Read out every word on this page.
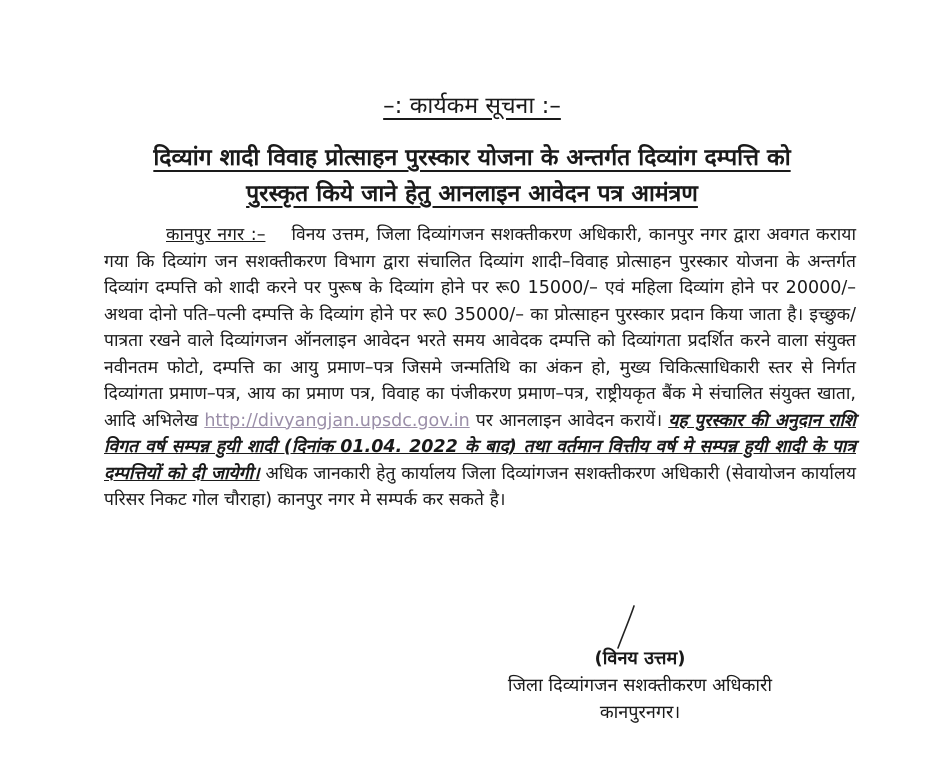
–: कार्यकम सूचना :–
दिव्यांग शादी विवाह प्रोत्साहन पुरस्कार योजना के अन्तर्गत दिव्यांग दम्पत्ति को
पुरस्कृत किये जाने हेतु आनलाइन आवेदन पत्र आमंत्रण
कानपुर नगर :– विनय उत्तम, जिला दिव्यांगजन सशक्तीकरण अधिकारी, कानपुर नगर द्वारा अवगत कराया गया कि दिव्यांग जन सशक्तीकरण विभाग द्वारा संचालित दिव्यांग शादी–विवाह प्रोत्साहन पुरस्कार योजना के अन्तर्गत दिव्यांग दम्पत्ति को शादी करने पर पुरूष के दिव्यांग होने पर रू0 15000/– एवं महिला दिव्यांग होने पर 20000/–अथवा दोनो पति–पत्नी दम्पत्ति के दिव्यांग होने पर रू0 35000/– का प्रोत्साहन पुरस्कार प्रदान किया जाता है। इच्छुक/पात्रता रखने वाले दिव्यांगजन ऑनलाइन आवेदन भरते समय आवेदक दम्पत्ति को दिव्यांगता प्रदर्शित करने वाला संयुक्त नवीनतम फोटो, दम्पत्ति का आयु प्रमाण–पत्र जिसमे जन्मतिथि का अंकन हो, मुख्य चिकित्साधिकारी स्तर से निर्गत दिव्यांगता प्रमाण–पत्र, आय का प्रमाण पत्र, विवाह का पंजीकरण प्रमाण–पत्र, राष्ट्रीयकृत बैंक मे संचालित संयुक्त खाता, आदि अभिलेख http://divyangjan.upsdc.gov.in पर आनलाइन आवेदन करायें। यह पुरस्कार की अनुदान राशि विगत वर्ष सम्पन्न हुयी शादी (दिनांक 01.04. 2022 के बाद) तथा वर्तमान वित्तीय वर्ष मे सम्पन्न हुयी शादी के पात्र दम्पत्तियों को दी जायेगी। अधिक जानकारी हेतु कार्यालय जिला दिव्यांगजन सशक्तीकरण अधिकारी (सेवायोजन कार्यालय परिसर निकट गोल चौराहा) कानपुर नगर मे सम्पर्क कर सकते है।
(विनय उत्तम)
जिला दिव्यांगजन सशक्तीकरण अधिकारी
कानपुरनगर।
